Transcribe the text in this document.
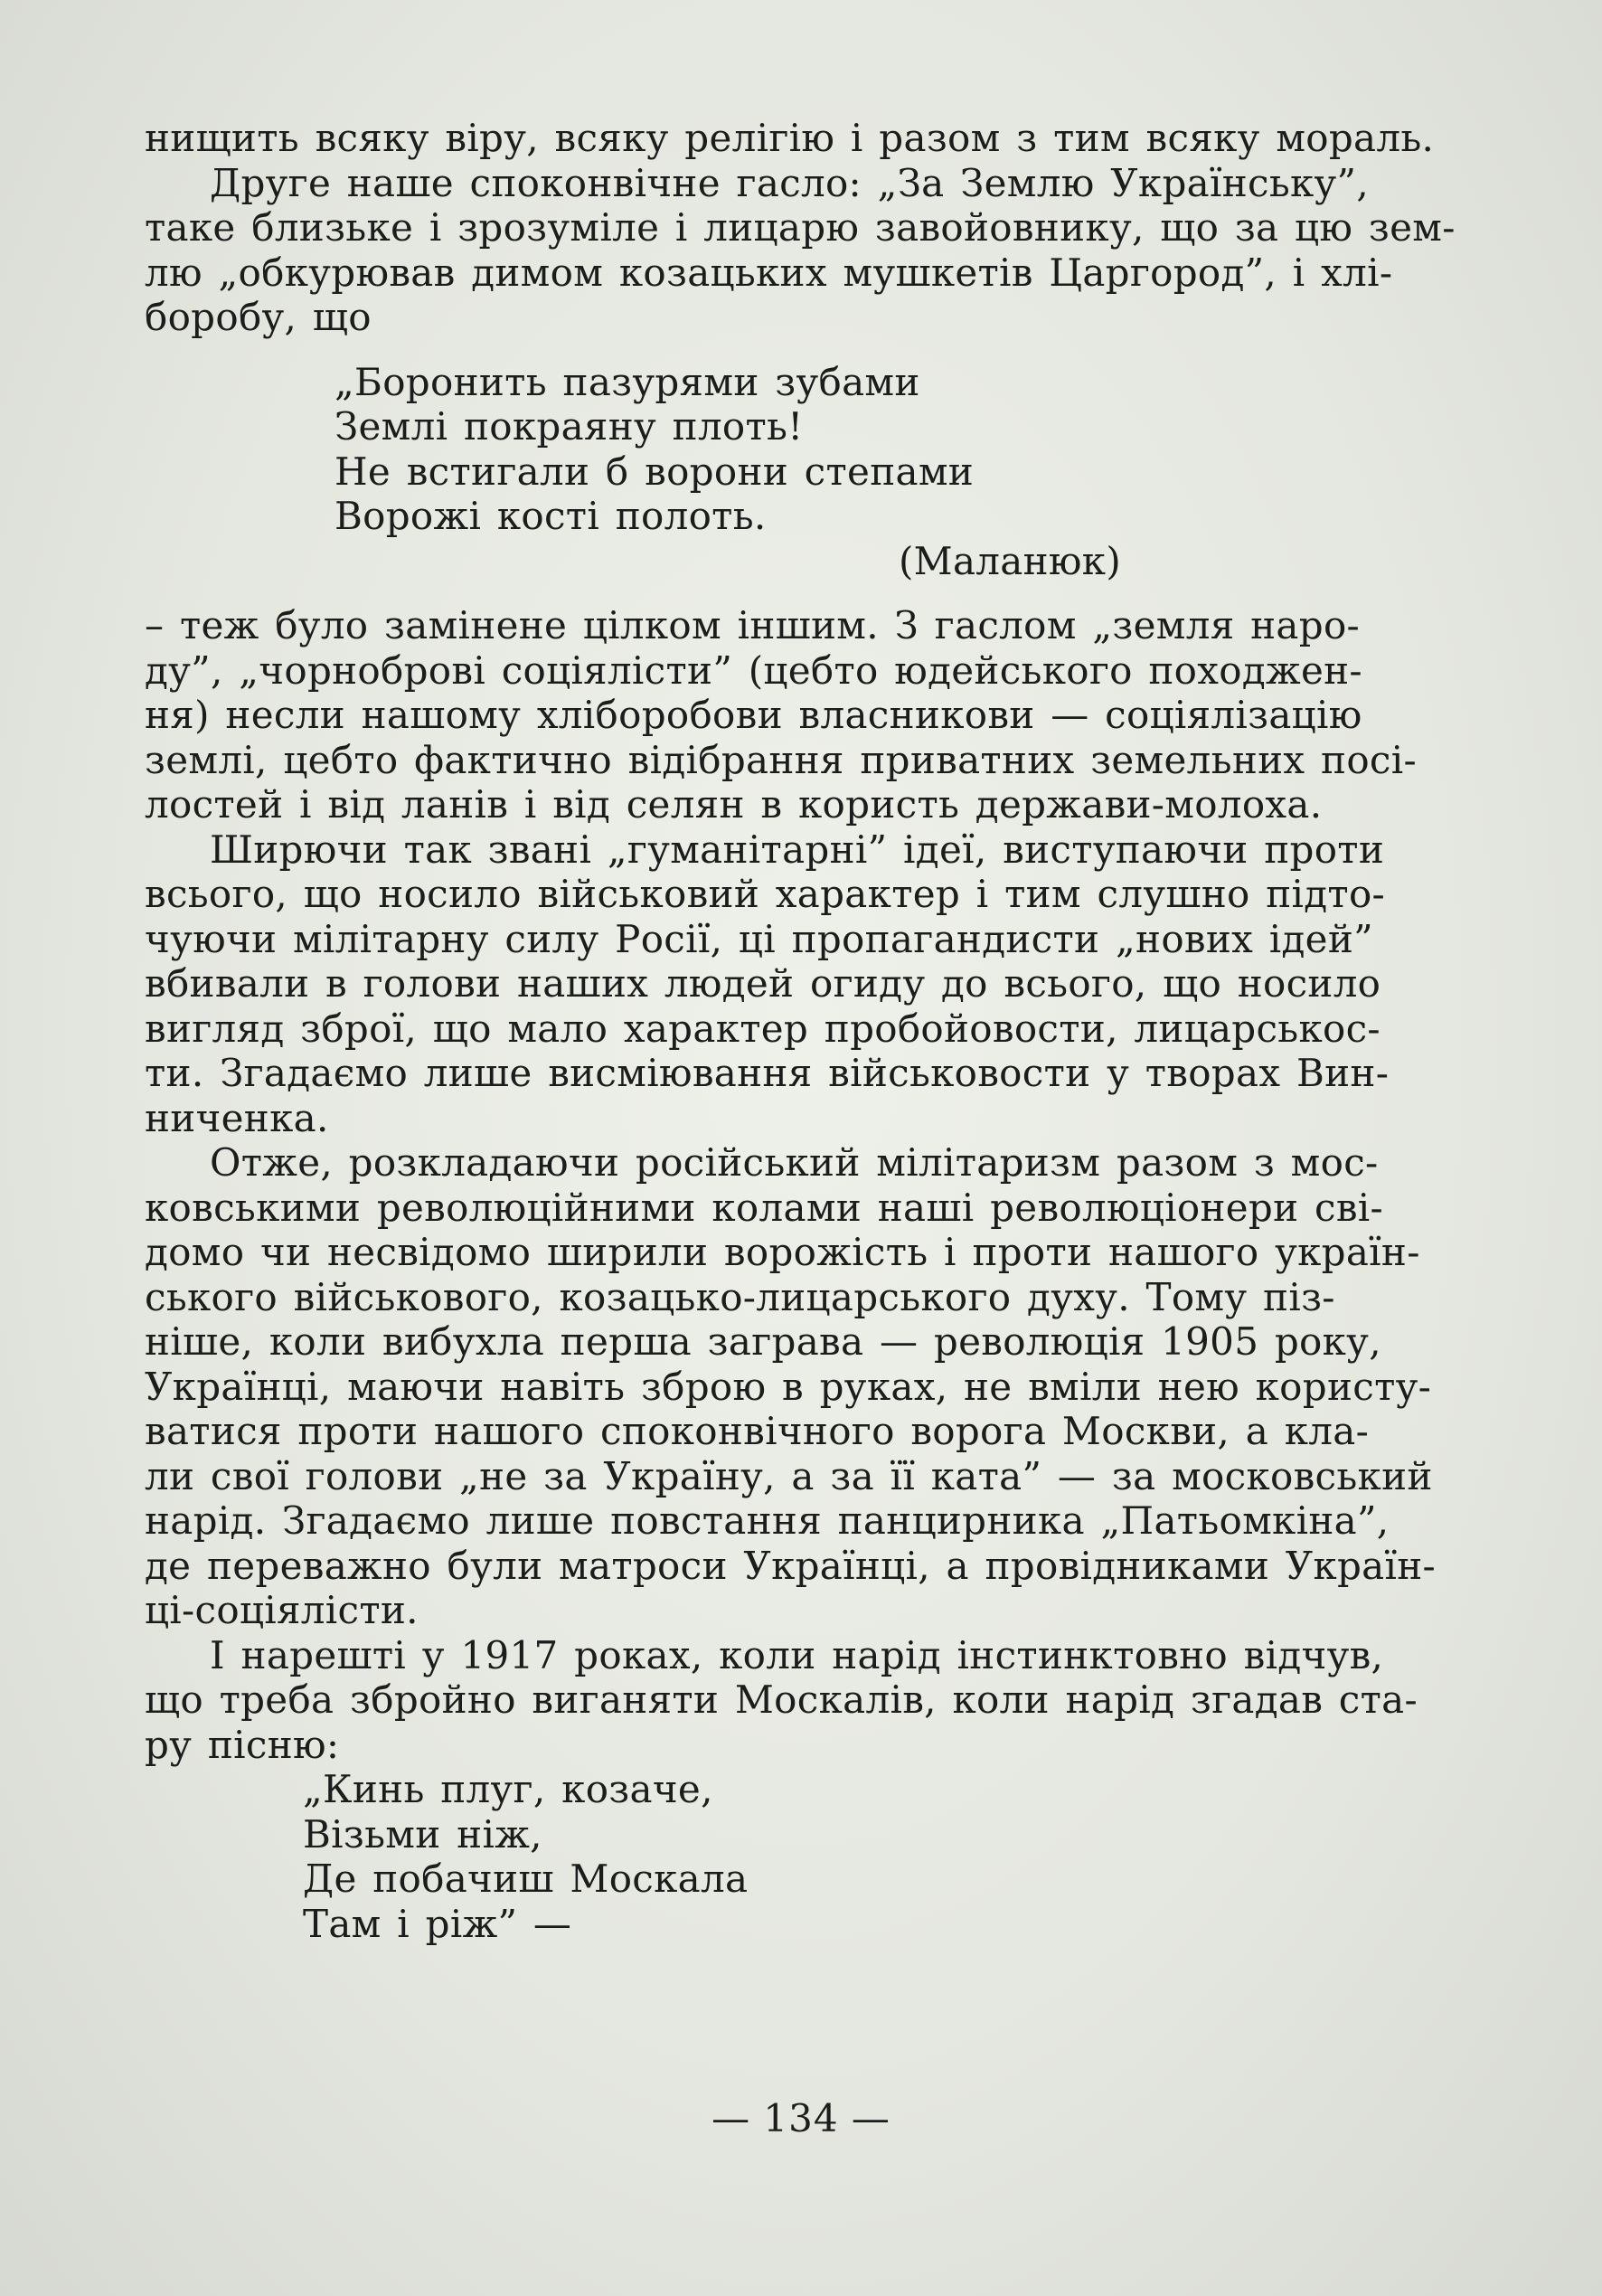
нищить всяку віру, всяку релігію і разом з тим всяку мораль.
Друге наше споконвічне гасло: „За Землю Українську”,
таке близьке і зрозуміле і лицарю завойовнику, що за цю зем-
лю „обкурював димом козацьких мушкетів Царгород”, і хлі-
боробу, що
„Боронить пазурями зубами
Землі покраяну плоть!
Не встигали б ворони степами
Ворожі кості полоть.
(Маланюк)
– теж було замінене цілком іншим. З гаслом „земля наро-
ду”, „чорноброві соціялісти” (цебто юдейського походжен-
ня) несли нашому хліборобови власникови — соціялізацію
землі, цебто фактично відібрання приватних земельних посі-
лостей і від ланів і від селян в користь держави-молоха.
Ширючи так звані „гуманітарні” ідеї, виступаючи проти
всього, що носило військовий характер і тим слушно підто-
чуючи мілітарну силу Росії, ці пропагандисти „нових ідей”
вбивали в голови наших людей огиду до всього, що носило
вигляд зброї, що мало характер пробойовости, лицарськос-
ти. Згадаємо лише висміювання військовости у творах Вин-
ниченка.
Отже, розкладаючи російський мілітаризм разом з мос-
ковськими революційними колами наші революціонери сві-
домо чи несвідомо ширили ворожість і проти нашого україн-
ського військового, козацько-лицарського духу. Тому піз-
ніше, коли вибухла перша заграва — революція 1905 року,
Українці, маючи навіть зброю в руках, не вміли нею користу-
ватися проти нашого споконвічного ворога Москви, а кла-
ли свої голови „не за Україну, а за її ката” — за московський
нарід. Згадаємо лише повстання панцирника „Патьомкіна”,
де переважно були матроси Українці, а провідниками Україн-
ці-соціялісти.
І нарешті у 1917 роках, коли нарід інстинктовно відчув,
що треба збройно виганяти Москалів, коли нарід згадав ста-
ру пісню:
„Кинь плуг, козаче,
Візьми ніж,
Де побачиш Москала
Там і ріж” —
— 134 —
